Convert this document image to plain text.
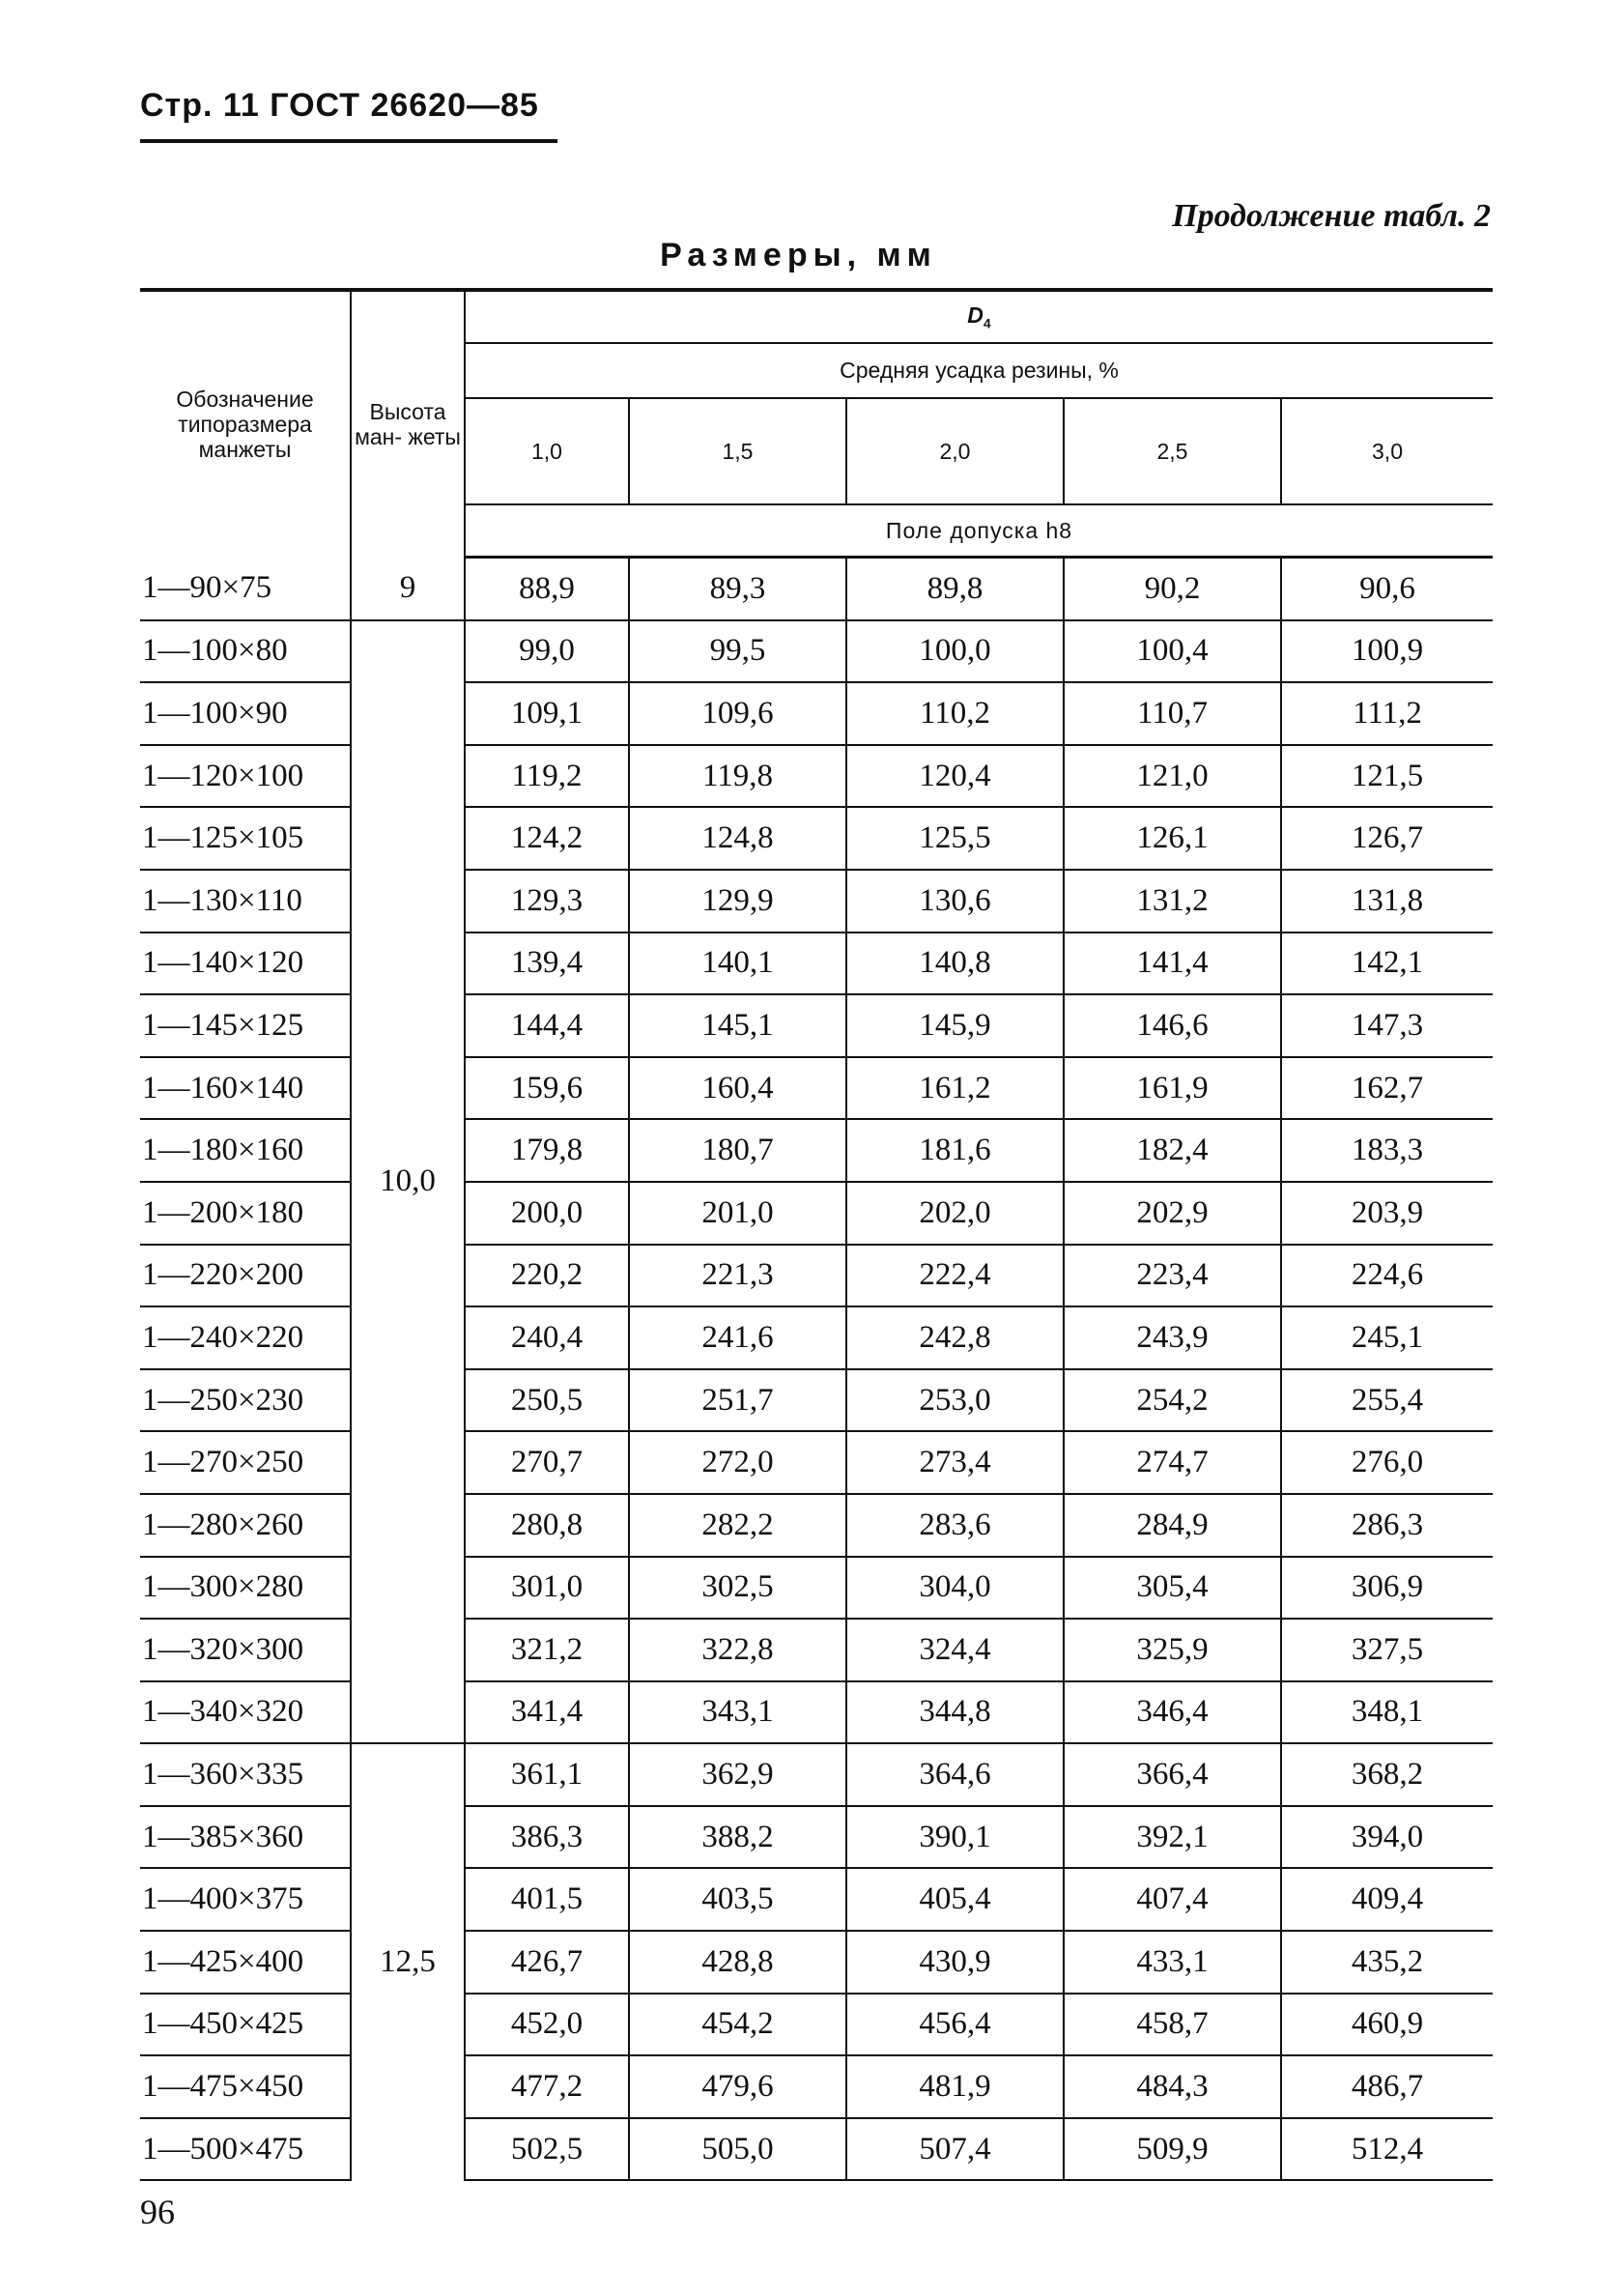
Стр. 11 ГОСТ 26620—85
Продолжение табл. 2
Размеры, мм
Обозначение типоразмера манжеты	Высота ман- жеты	$D_4$
		Средняя усадка резины, %				
		1,0	1,5	2,0	2,5	3,0
		Поле допуска h8				
1—90×75	9	88,9	89,3	89,8	90,2	90,6
1—100×80	10,0	99,0	99,5	100,0	100,4	100,9
1—100×90		109,1	109,6	110,2	110,7	111,2
1—120×100		119,2	119,8	120,4	121,0	121,5
1—125×105		124,2	124,8	125,5	126,1	126,7
1—130×110		129,3	129,9	130,6	131,2	131,8
1—140×120		139,4	140,1	140,8	141,4	142,1
1—145×125		144,4	145,1	145,9	146,6	147,3
1—160×140		159,6	160,4	161,2	161,9	162,7
1—180×160		179,8	180,7	181,6	182,4	183,3
1—200×180		200,0	201,0	202,0	202,9	203,9
1—220×200		220,2	221,3	222,4	223,4	224,6
1—240×220		240,4	241,6	242,8	243,9	245,1
1—250×230		250,5	251,7	253,0	254,2	255,4
1—270×250		270,7	272,0	273,4	274,7	276,0
1—280×260		280,8	282,2	283,6	284,9	286,3
1—300×280		301,0	302,5	304,0	305,4	306,9
1—320×300		321,2	322,8	324,4	325,9	327,5
1—340×320		341,4	343,1	344,8	346,4	348,1
1—360×335	12,5	361,1	362,9	364,6	366,4	368,2
1—385×360		386,3	388,2	390,1	392,1	394,0
1—400×375		401,5	403,5	405,4	407,4	409,4
1—425×400		426,7	428,8	430,9	433,1	435,2
1—450×425		452,0	454,2	456,4	458,7	460,9
1—475×450		477,2	479,6	481,9	484,3	486,7
1—500×475		502,5	505,0	507,4	509,9	512,4
96
